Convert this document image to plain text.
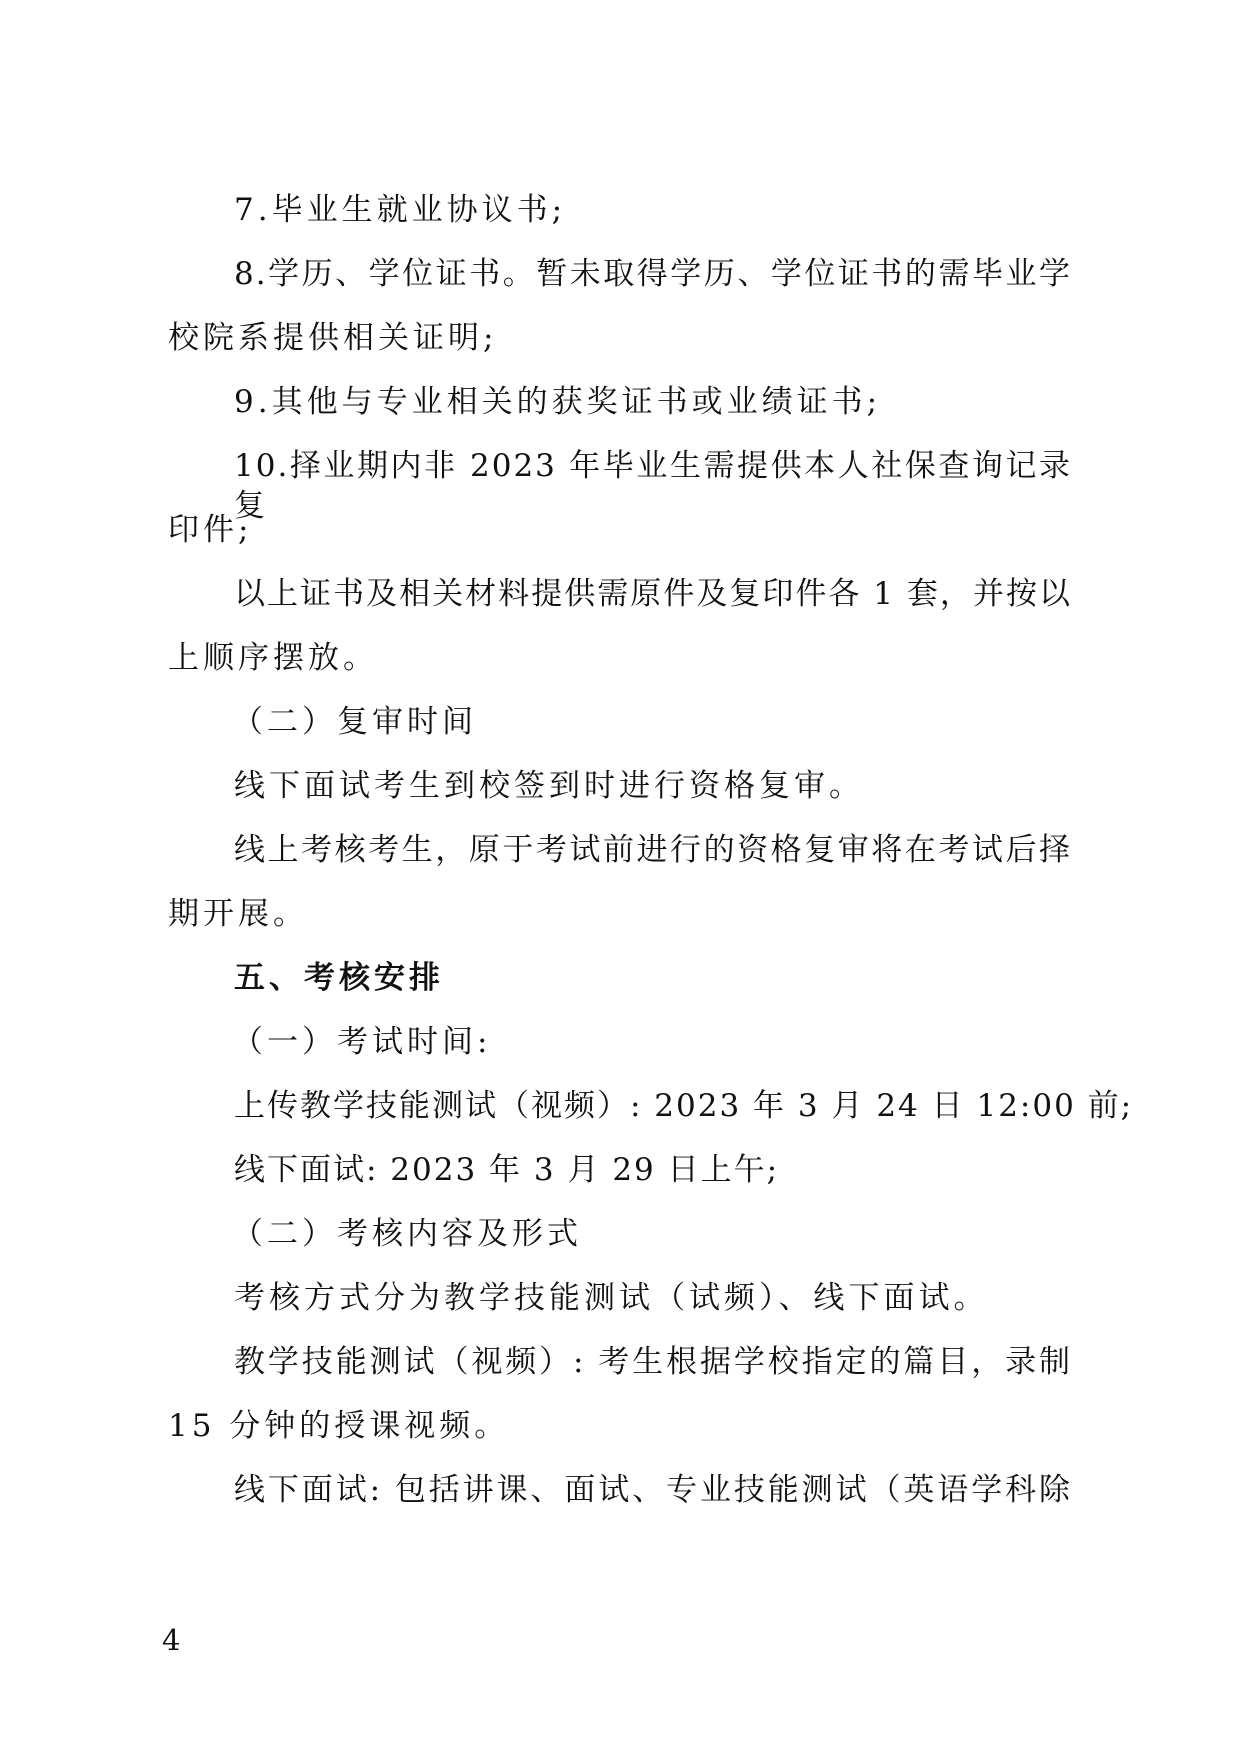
7.毕业生就业协议书;
8.学历、学位证书。暂未取得学历、学位证书的需毕业学
校院系提供相关证明;
9.其他与专业相关的获奖证书或业绩证书;
10.择业期内非 2023 年毕业生需提供本人社保查询记录复
印件;
以上证书及相关材料提供需原件及复印件各 1 套，并按以
上顺序摆放。
（二）复审时间
线下面试考生到校签到时进行资格复审。
线上考核考生，原于考试前进行的资格复审将在考试后择
期开展。
五、考核安排
（一）考试时间:
上传教学技能测试（视频）: 2023 年 3 月 24 日 12:00 前;
线下面试: 2023 年 3 月 29 日上午;
（二）考核内容及形式
考核方式分为教学技能测试（试频）、线下面试。
教学技能测试（视频）: 考生根据学校指定的篇目，录制
15 分钟的授课视频。
线下面试: 包括讲课、面试、专业技能测试（英语学科除
4
